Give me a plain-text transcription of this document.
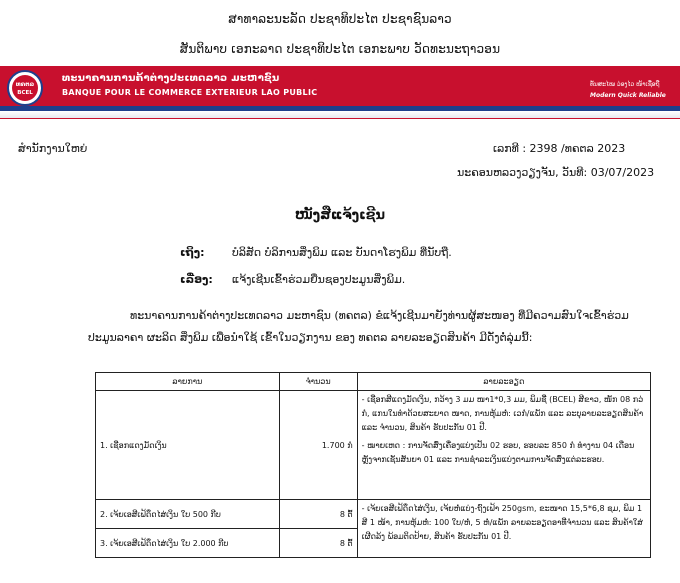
ສາທາລະນະລັດ ປະຊາທິປະໄຕ ປະຊາຊົນລາວ
ສັນຕິພາບ ເອກະລາດ ປະຊາທິປະໄຕ ເອກະພາບ ວັດທະນະຖາວອນ
ທຄຕລ
BCEL
ທະນາຄານການຄ້າຕ່າງປະເທດລາວ ມະຫາຊົນ
BANQUE POUR LE COMMERCE EXTERIEUR LAO PUBLIC
ທັນສະໄໝ ວ່ອງໄວ ໜ້າເຊື່ອຖື
Modern Quick Reliable
ສໍານັກງານໃຫຍ່	ເລກທີ : 2398 /ທຄຕລ 2023
ນະຄອນຫລວງວຽງຈັນ, ວັນທີ: 03/07/2023
ໜັງສືແຈ້ງເຊີນ
ເຖິງ: ບໍລິສັດ ບໍລິການສິ່ງພິມ ແລະ ບັນດາໂຮງພິມ ທີ່ນັບຖື.
ເລື່ອງ: ແຈ້ງເຊີນເຂົ້າຮ່ວມຍື່ນຊອງປະມູນສິ່ງພິມ.
ທະນາຄານການຄ້າຕ່າງປະເທດລາວ ມະຫາຊົນ (ທຄຕລ) ຂໍແຈ້ງເຊີນມາຍັງທ່ານຜູ້ສະໜອງ ທີ່ມີຄວາມສົນໃຈເຂົ້າຮ່ວມປະມູນລາຄາ ຜະລິດ ສິ່ງພິມ ເພື່ອນໍາໃຊ້ ເຂົ້າໃນວຽກງານ ຂອງ ທຄຕລ ລາຍລະອຽດສິນຄ້າ ມີດັ່ງຕໍ່ລຸ່ມນີ້:
ລາຍການ	ຈໍານວນ	ລາຍລະອຽດ
1. ເຊືອກແດງມັດເງິນ	1.700 ກໍ	- ເຊືອກສີແດງມັດເງິນ, ກວ້າງ 3 ມມ ໜາ1*0,3 ມມ, ພິມຊື່ (BCEL) ສີຂາວ, ໜັກ 08 ກວ່ກໍ, ແກນໃນທໍາດ້ວຍສະຍາດ ໜາດ, ການຫຸ້ມຫໍ່: ເວກໍ/ແພັກ ແລະ ລະບຸລາຍລະອຽດສິນຄ້າ ແລະ ຈໍານວນ, ສິນຄ້າ ຮັບປະກັນ 01 ປີ.

- ໝາຍເຫດ : ການຈັດສົ່ງເຄື່ອງແບ່ງເປັນ 02 ຮອບ, ຮອບລະ 850 ກໍ ທໍາງານ 04 ເດືອນ ຫຼັງຈາກເຊັນສັນຍາ 01 ແລະ ການຊໍາລະເງິນແບ່ງຕາມການຈັດສົ່ງແຕ່ລະຮອບ.

2. ເຈ້ຍເອສີເຟ້ດຶດໄສ່ເງິນ ໃບ 500 ກີບ	8 ຕົ້	- ເຈ້ຍເອສີເຟ້ດຶດໄສ່ເງິນ, ເຈ້ຍຫໍ່ແບ່ງ-ຖົງເຟ້າ 250gsm, ຂະໜາດ 15,5*6,8 ຊມ, ພິມ 1 ສີ 1 ໜ້າ, ການຫຸ້ມຫໍ່: 100 ໃບ/ຫໍ່, 5 ຫໍ່/ແພັກ ລາຍລະອຽດອາທີ່ຈໍານວນ ແລະ ສິນຄ້າໃສ່ເຜີດລ້ງ ພ້ອມຕິດປ້າຍ, ສິນຄ້າ ຮັບປະກັນ 01 ປີ.

3. ເຈ້ຍເອສີເຟ້ດຶດໄສ່ເງິນ ໃບ 2.000 ກີບ	8 ຕົ້	
